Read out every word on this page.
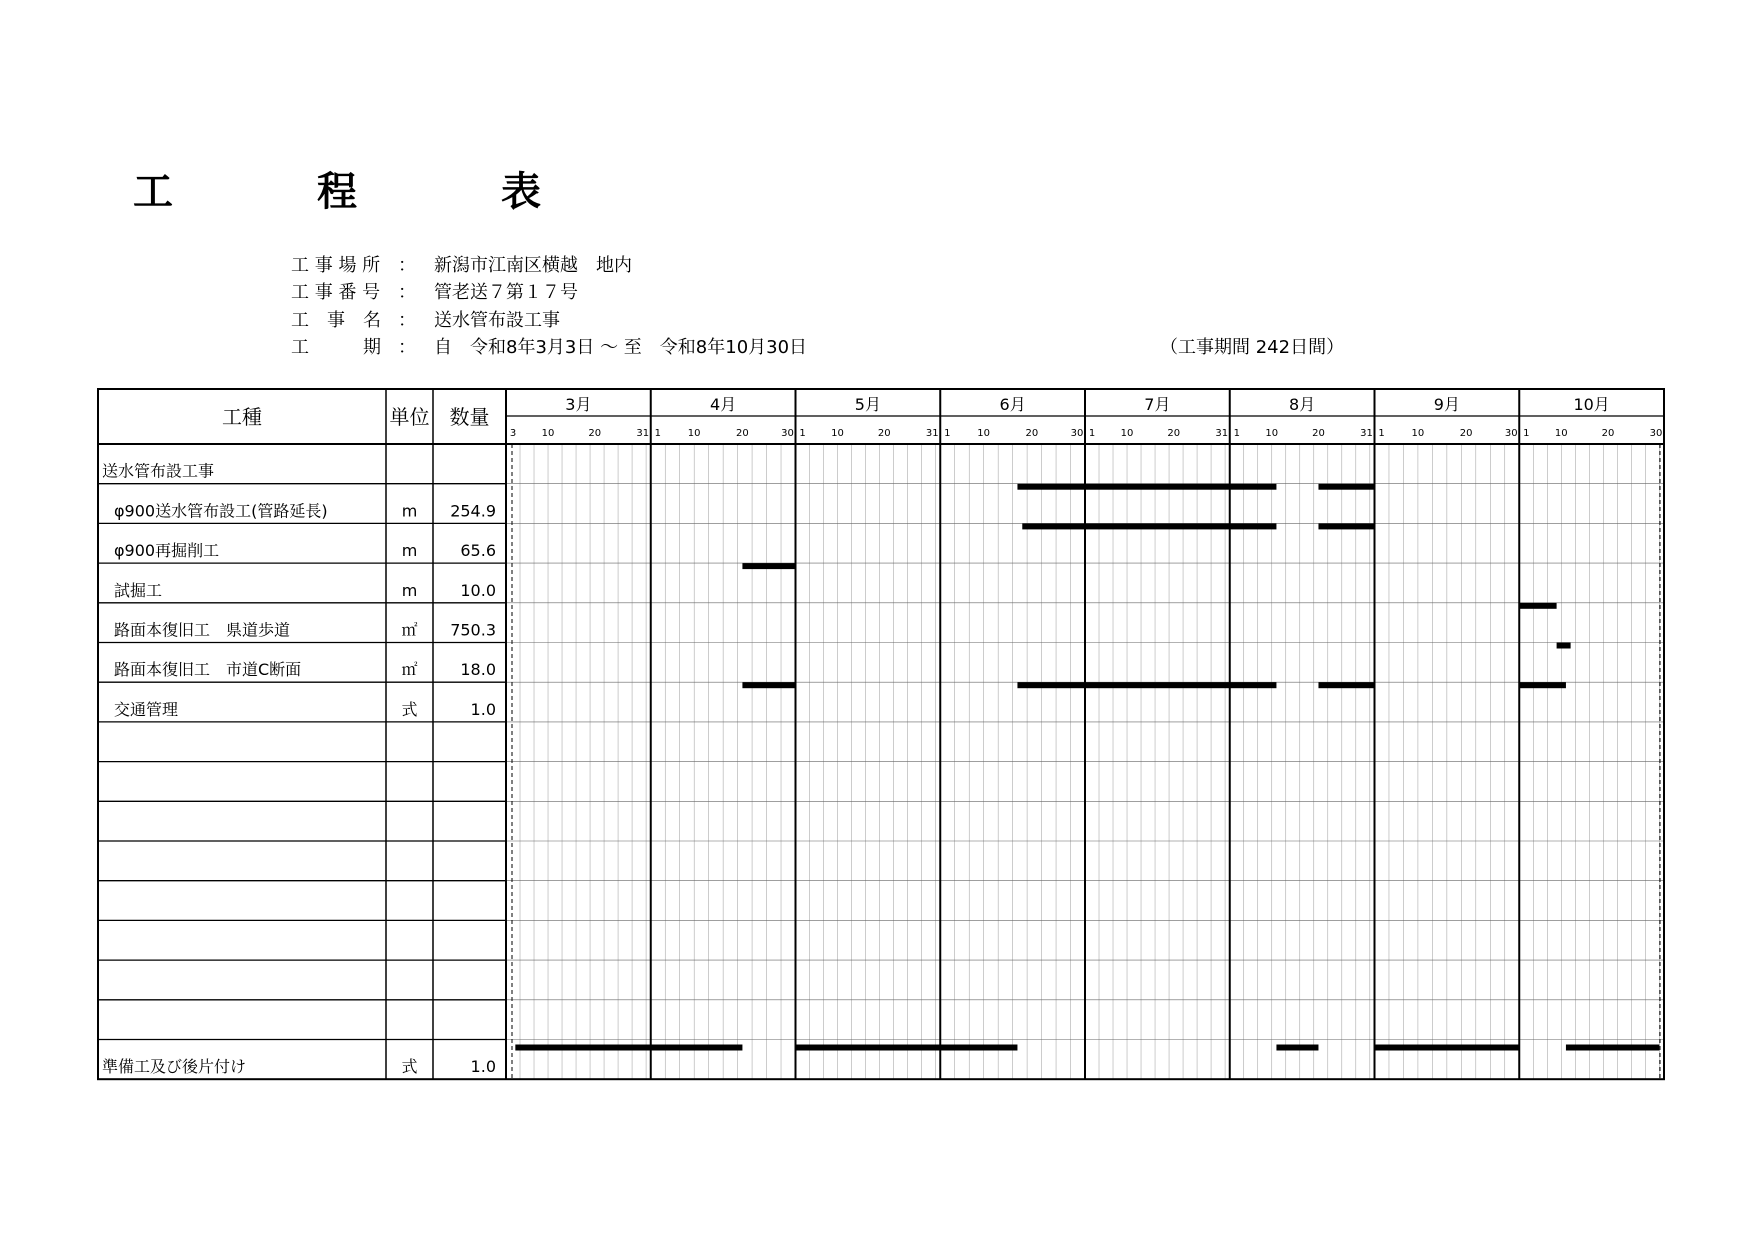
工　程　表
工 事 場 所 ： 新潟市江南区横越　地内
工 事 番 号 ： 管老送７第１７号
工　事　名 ： 送水管布設工事
工　　　期 ： 自　令和8年3月3日 ～ 至　令和8年10月30日	（工事期間 242日間）
工種	単位 数量
3月
3	10	20	31
4月
1	10	20	30
5月
1	10	20	31
6月
1	10	20	30
7月
1	10	20	31
8月
1	10	20	31
9月
1	10	20	30
10月
1	10	20	30
送水管布設工事
φ900送水管布設工(管路延長)	m 254.9
φ900再掘削工	m	65.6
試掘工	m	10.0
路面本復旧工　県道歩道	㎡ 750.3
路面本復旧工　市道C断面	㎡	18.0
交通管理	式	1.0
準備工及び後片付け	式	1.0
